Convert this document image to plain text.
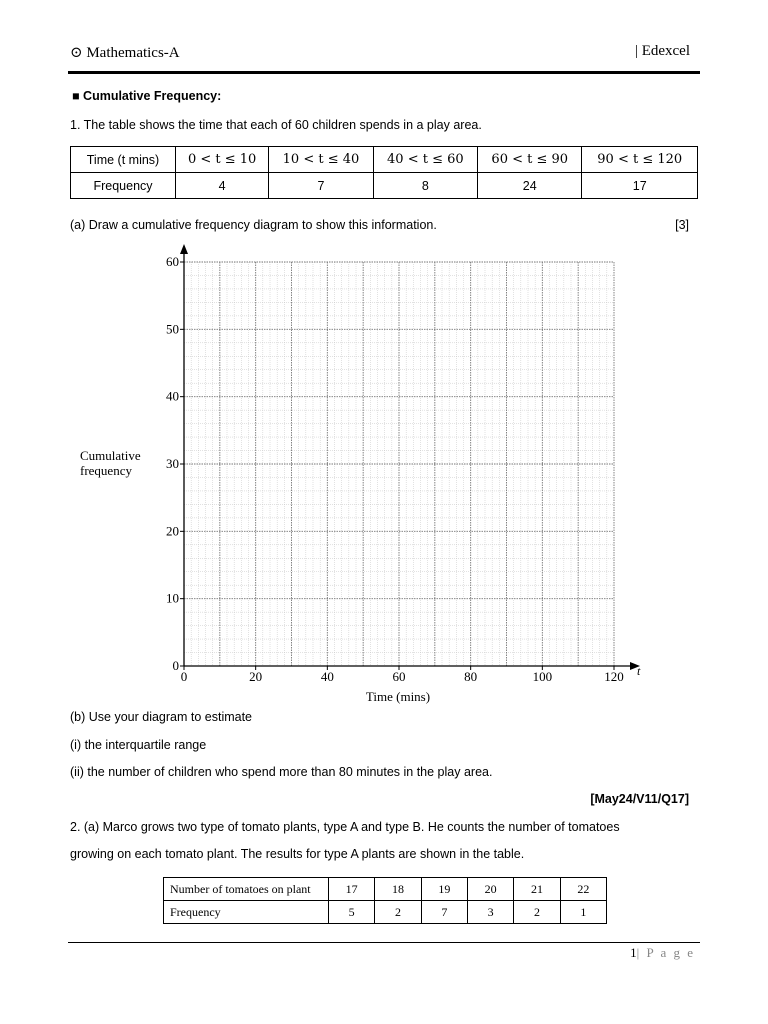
⊙ Mathematics-A	| Edexcel
■ Cumulative Frequency:
1. The table shows the time that each of 60 children spends in a play area.
Time (t mins)	0 < t ≤ 10	10 < t ≤ 40	40 < t ≤ 60	60 < t ≤ 90	90 < t ≤ 120
Frequency	4	7	8	24	17
(a) Draw a cumulative frequency diagram to show this information.	[3]
0	20	40	60	80	100	120
0
10
20
30
40
50
60
Time (mins)
t
Cumulative
frequency
(b) Use your diagram to estimate
(i) the interquartile range
(ii) the number of children who spend more than 80 minutes in the play area.
[May24/V11/Q17]
2. (a) Marco grows two type of tomato plants, type A and type B. He counts the number of tomatoes
growing on each tomato plant. The results for type A plants are shown in the table.
Number of tomatoes on plant	17	18	19	20	21	22
Frequency	5	2	7	3	2	1
1| P a g e
